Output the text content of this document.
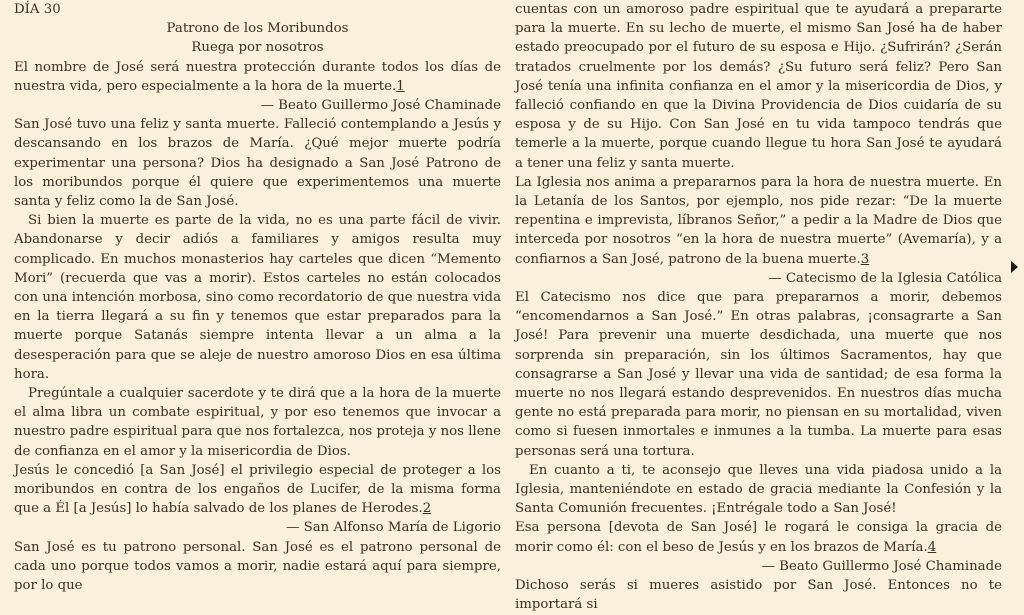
DÍA 30

Patrono de los Moribundos

Ruega por nosotros

El nombre de José será nuestra protección durante todos los días de nuestra vida, pero especialmente a la hora de la muerte.1

— Beato Guillermo José Chaminade

San José tuvo una feliz y santa muerte. Falleció contemplando a Jesús y descansando en los brazos de María. ¿Qué mejor muerte podría experimentar una persona? Dios ha designado a San José Patrono de los moribundos porque él quiere que experimentemos una muerte santa y feliz como la de San José.

Si bien la muerte es parte de la vida, no es una parte fácil de vivir. Abandonarse y decir adiós a familiares y amigos resulta muy complicado. En muchos monasterios hay carteles que dicen “Memento Mori” (recuerda que vas a morir). Estos carteles no están colocados con una intención morbosa, sino como recordatorio de que nuestra vida en la tierra llegará a su fin y tenemos que estar preparados para la muerte porque Satanás siempre intenta llevar a un alma a la desesperación para que se aleje de nuestro amoroso Dios en esa última hora.

Pregúntale a cualquier sacerdote y te dirá que a la hora de la muerte el alma libra un combate espiritual, y por eso tenemos que invocar a nuestro padre espiritual para que nos fortalezca, nos proteja y nos llene de confianza en el amor y la misericordia de Dios.

Jesús le concedió [a San José] el privilegio especial de proteger a los moribundos en contra de los engaños de Lucifer, de la misma forma que a Él [a Jesús] lo había salvado de los planes de Herodes.2

— San Alfonso María de Ligorio

San José es tu patrono personal. San José es el patrono personal de cada uno porque todos vamos a morir, nadie estará aquí para siempre, por lo que

cuentas con un amoroso padre espiritual que te ayudará a prepararte para la muerte. En su lecho de muerte, el mismo San José ha de haber estado preocupado por el futuro de su esposa e Hijo. ¿Sufrirán? ¿Serán tratados cruelmente por los demás? ¿Su futuro será feliz? Pero San José tenía una infinita confianza en el amor y la misericordia de Dios, y falleció confiando en que la Divina Providencia de Dios cuidaría de su esposa y de su Hijo. Con San José en tu vida tampoco tendrás que temerle a la muerte, porque cuando llegue tu hora San José te ayudará a tener una feliz y santa muerte.

La Iglesia nos anima a prepararnos para la hora de nuestra muerte. En la Letanía de los Santos, por ejemplo, nos pide rezar: “De la muerte repentina e imprevista, líbranos Señor,” a pedir a la Madre de Dios que interceda por nosotros “en la hora de nuestra muerte” (Avemaría), y a confiarnos a San José, patrono de la buena muerte.3

— Catecismo de la Iglesia Católica

El Catecismo nos dice que para prepararnos a morir, debemos “encomendarnos a San José.” En otras palabras, ¡consagrarte a San José! Para prevenir una muerte desdichada, una muerte que nos sorprenda sin preparación, sin los últimos Sacramentos, hay que consagrarse a San José y llevar una vida de santidad; de esa forma la muerte no nos llegará estando desprevenidos. En nuestros días mucha gente no está preparada para morir, no piensan en su mortalidad, viven como si fuesen inmortales e inmunes a la tumba. La muerte para esas personas será una tortura.

En cuanto a ti, te aconsejo que lleves una vida piadosa unido a la Iglesia, manteniéndote en estado de gracia mediante la Confesión y la Santa Comunión frecuentes. ¡Entrégale todo a San José!

Esa persona [devota de San José] le rogará le consiga la gracia de morir como él: con el beso de Jesús y en los brazos de María.4

— Beato Guillermo José Chaminade

Dichoso serás si mueres asistido por San José. Entonces no te importará si
